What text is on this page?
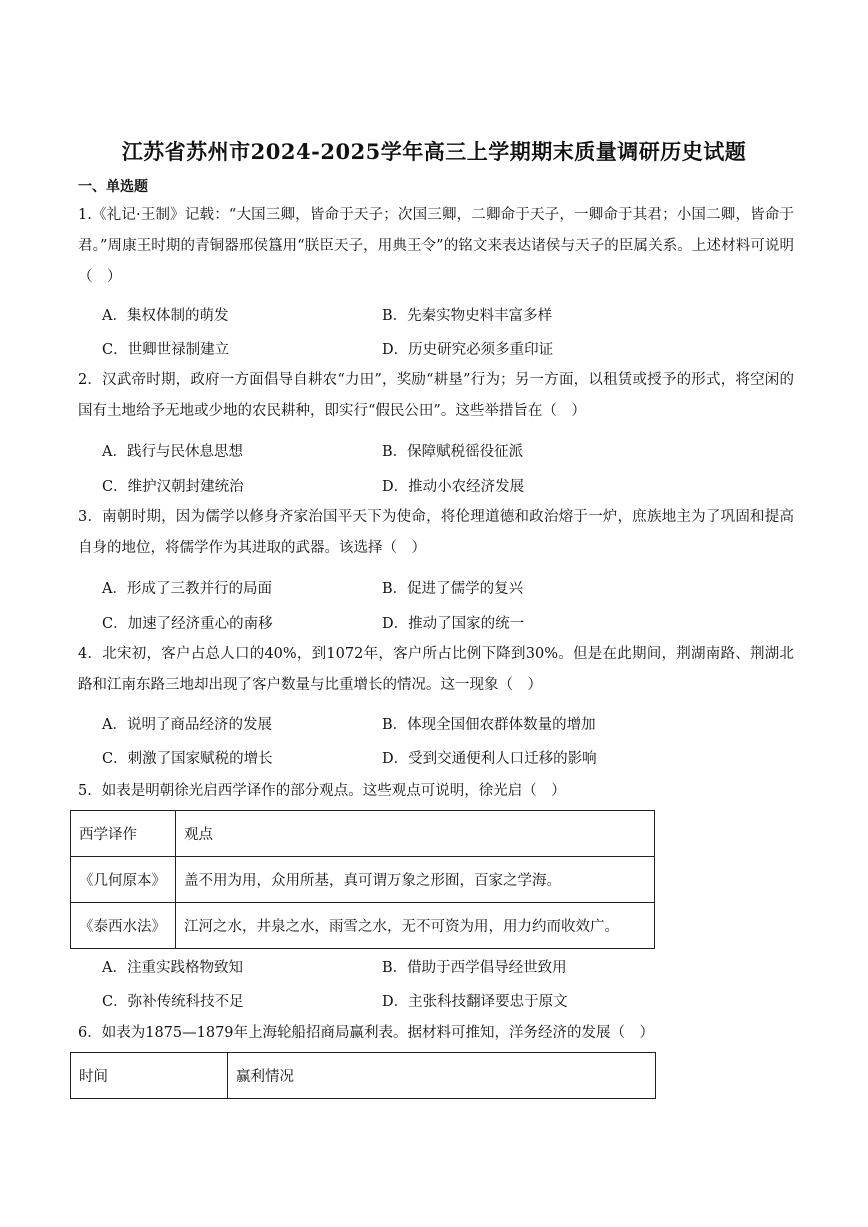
江苏省苏州市2024-2025学年高三上学期期末质量调研历史试题
一、单选题
1.《礼记·王制》记载：“大国三卿，皆命于天子；次国三卿，二卿命于天子，一卿命于其君；小国二卿，皆命于君。”周康王时期的青铜器邢侯簋用“朕臣天子，用典王令”的铭文来表达诸侯与天子的臣属关系。上述材料可说明（　）
A．集权体制的萌发	B．先秦实物史料丰富多样
C．世卿世禄制建立	D．历史研究必须多重印证
2．汉武帝时期，政府一方面倡导自耕农“力田”，奖励“耕垦”行为；另一方面，以租赁或授予的形式，将空闲的国有土地给予无地或少地的农民耕种，即实行“假民公田”。这些举措旨在（　）
A．践行与民休息思想	B．保障赋税徭役征派
C．维护汉朝封建统治	D．推动小农经济发展
3．南朝时期，因为儒学以修身齐家治国平天下为使命，将伦理道德和政治熔于一炉，庶族地主为了巩固和提高自身的地位，将儒学作为其进取的武器。该选择（　）
A．形成了三教并行的局面	B．促进了儒学的复兴
C．加速了经济重心的南移	D．推动了国家的统一
4．北宋初，客户占总人口的40%，到1072年，客户所占比例下降到30%。但是在此期间，荆湖南路、荆湖北路和江南东路三地却出现了客户数量与比重增长的情况。这一现象（　）
A．说明了商品经济的发展	B．体现全国佃农群体数量的增加
C．刺激了国家赋税的增长	D．受到交通便利人口迁移的影响
5．如表是明朝徐光启西学译作的部分观点。这些观点可说明，徐光启（　）
西学译作	观点
《几何原本》	盖不用为用，众用所基，真可谓万象之形囿，百家之学海。
《泰西水法》	江河之水，井泉之水，雨雪之水，无不可资为用，用力约而收效广。
A．注重实践格物致知	B．借助于西学倡导经世致用
C．弥补传统科技不足	D．主张科技翻译要忠于原文
6．如表为1875—1879年上海轮船招商局赢利表。据材料可推知，洋务经济的发展（　）
时间	赢利情况
